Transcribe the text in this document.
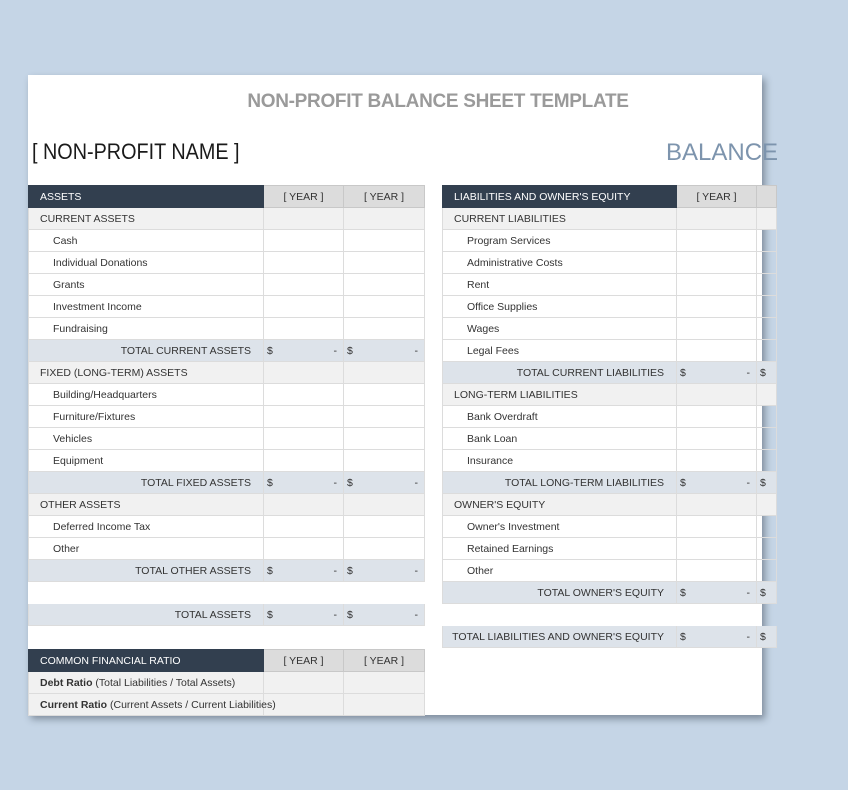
NON-PROFIT BALANCE SHEET TEMPLATE
[ NON-PROFIT NAME ]	BALANCE
ASSETS	[ YEAR ]	[ YEAR ]
CURRENT ASSETS		
Cash		
Individual Donations		
Grants		
Investment Income		
Fundraising		
TOTAL CURRENT ASSETS	$ -	$ -

FIXED (LONG-TERM) ASSETS		
Building/Headquarters		
Furniture/Fixtures		
Vehicles		
Equipment		
TOTAL FIXED ASSETS	$ -	$ -

OTHER ASSETS		
Deferred Income Tax		
Other		
TOTAL OTHER ASSETS	$ -	$ -

TOTAL ASSETS	$ -	$ -
LIABILITIES AND OWNER'S EQUITY	[ YEAR ]	
CURRENT LIABILITIES		
Program Services		
Administrative Costs		
Rent		
Office Supplies		
Wages		
Legal Fees		
TOTAL CURRENT LIABILITIES	$ -	$

LONG-TERM LIABILITIES		
Bank Overdraft		
Bank Loan		
Insurance		
TOTAL LONG-TERM LIABILITIES	$ -	$

OWNER'S EQUITY		
Owner's Investment		
Retained Earnings		
Other		
TOTAL OWNER'S EQUITY	$ -	$

TOTAL LIABILITIES AND OWNER'S EQUITY	$ -	$
COMMON FINANCIAL RATIO	[ YEAR ]	[ YEAR ]
Debt Ratio (Total Liabilities / Total Assets)		
Current Ratio (Current Assets / Current Liabilities)		
